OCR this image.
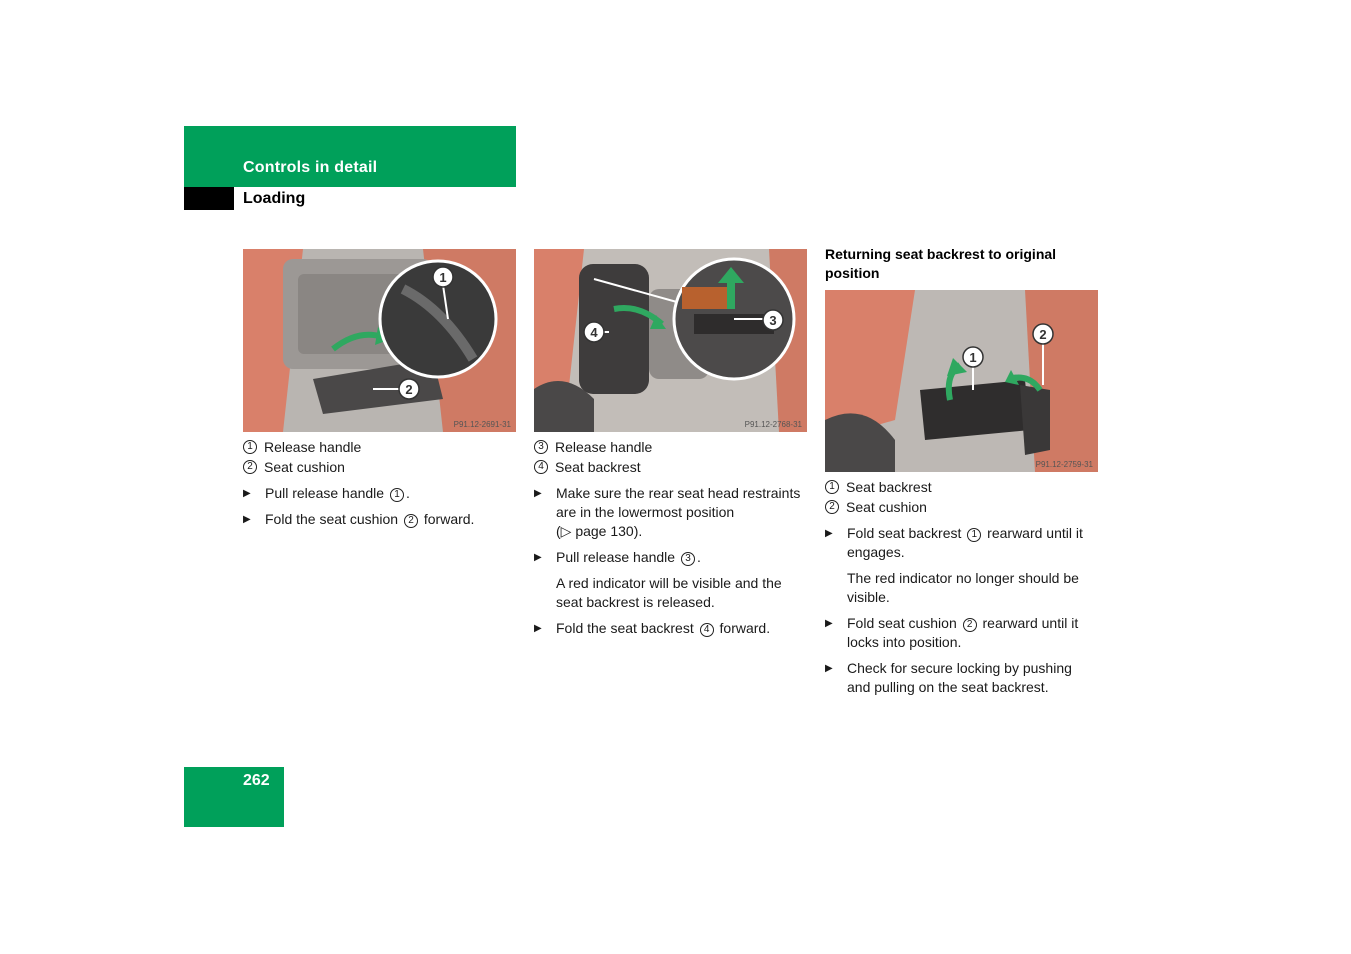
Controls in detail
Loading
1
2
P91.12-2691-31
1 Release handle
2 Seat cushion
▶	Pull release handle 1 .
▶	Fold the seat cushion 2 forward.
4
3
P91.12-2768-31
3 Release handle
4 Seat backrest
▶	Make sure the rear seat head restraints
are in the lowermost position
(▷ page 130).
▶	Pull release handle 3 .
A red indicator will be visible and the
seat backrest is released.
▶	Fold the seat backrest 4 forward.
Returning seat backrest to original
position
1
2
P91.12-2759-31
1 Seat backrest
2 Seat cushion
▶	Fold seat backrest 1 rearward until it
engages.
The red indicator no longer should be
visible.
▶	Fold seat cushion 2 rearward until it
locks into position.
▶	Check for secure locking by pushing
and pulling on the seat backrest.
262
